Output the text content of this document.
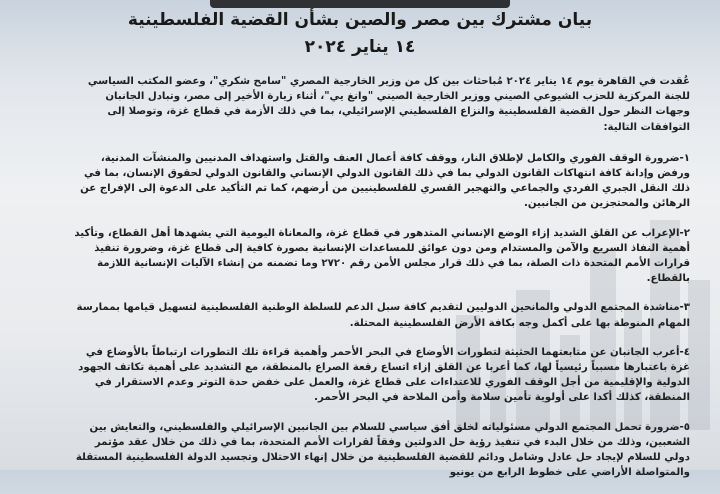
بيان مشترك بين مصر والصين بشأن القضية الفلسطينية
١٤ يناير ٢٠٢٤

عُقدت في القاهرة يوم ١٤ يناير ٢٠٢٤ مُباحثات بين كل من وزير الخارجية المصري "سامح شكري"، وعضو المكتب السياسي للجنة المركزية للحزب الشيوعي الصيني ووزير الخارجية الصيني "وانغ يي"، أثناء زيارة الأخير إلى مصر، وتبادل الجانبان وجهات النظر حول القضية الفلسطينية والنزاع الفلسطيني الإسرائيلي، بما في ذلك الأزمة في قطاع غزة، وتوصلا إلى التوافقات التالية:

١-ضرورة الوقف الفوري والكامل لإطلاق النار، ووقف كافة أعمال العنف والقتل واستهداف المدنيين والمنشآت المدنية، ورفض وإدانة كافة انتهاكات القانون الدولي بما في ذلك القانون الدولي الإنساني والقانون الدولي لحقوق الإنسان، بما في ذلك النقل الجبري الفردي والجماعي والتهجير القسري للفلسطينيين من أرضهم، كما تم التأكيد على الدعوة إلى الإفراج عن الرهائن والمحتجزين من الجانبين.

٢-الإعراب عن القلق الشديد إزاء الوضع الإنساني المتدهور في قطاع غزة، والمعاناة اليومية التي يشهدها أهل القطاع، وتأكيد أهمية النفاذ السريع والآمن والمستدام ومن دون عوائق للمساعدات الإنسانية بصورة كافية إلى قطاع غزة، وضرورة تنفيذ قرارات الأمم المتحدة ذات الصلة، بما في ذلك قرار مجلس الأمن رقم ٢٧٢٠ وما تضمنه من إنشاء الآليات الإنسانية اللازمة بالقطاع.

٣-مناشدة المجتمع الدولي والمانحين الدوليين لتقديم كافة سبل الدعم للسلطة الوطنية الفلسطينية لتسهيل قيامها بممارسة المهام المنوطة بها على أكمل وجه بكافة الأرض الفلسطينية المحتلة.

٤-أعرب الجانبان عن متابعتهما الحثيثة لتطورات الأوضاع في البحر الأحمر وأهمية قراءة تلك التطورات ارتباطاً بالأوضاع في غزة باعتبارها مسبباً رئيسياً لها، كما أعربا عن القلق إزاء اتساع رقعة الصراع بالمنطقة، مع التشديد على أهمية تكاتف الجهود الدولية والإقليمية من أجل الوقف الفوري للاعتداءات على قطاع غزة، والعمل على خفض حدة التوتر وعدم الاستقرار في المنطقة، كذلك أكدا على أولوية تأمين سلامة وأمن الملاحة في البحر الأحمر.

٥-ضرورة تحمل المجتمع الدولي مسئولياته لخلق أفق سياسي للسلام بين الجانبين الإسرائيلي والفلسطيني، والتعايش بين الشعبين، وذلك من خلال البدء في تنفيذ رؤية حل الدولتين وفقاً لقرارات الأمم المتحدة، بما في ذلك من خلال عقد مؤتمر دولي للسلام لإيجاد حل عادل وشامل ودائم للقضية الفلسطينية من خلال إنهاء الاحتلال وتجسيد الدولة الفلسطينية المستقلة والمتواصلة الأراضي على خطوط الرابع من يونيو
